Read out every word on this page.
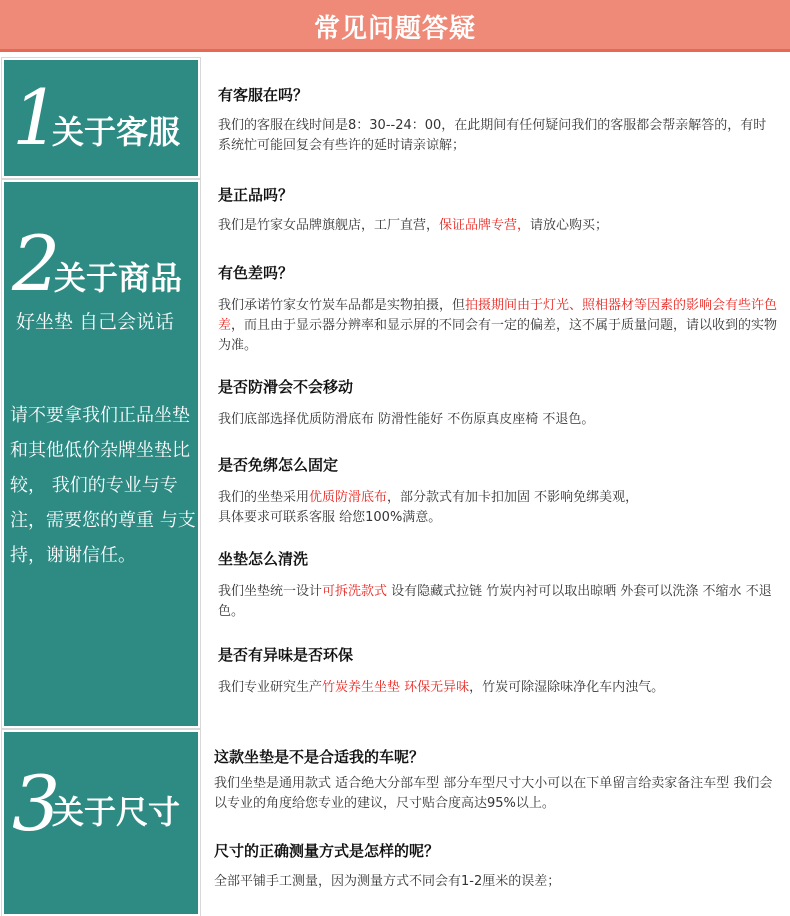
常见问题答疑
1
关于客服
2
关于商品
好坐垫 自己会说话
请不要拿我们正品坐垫和其他低价杂牌坐垫比较， 我们的专业与专注，需要您的尊重 与支持，谢谢信任。
3
关于尺寸
有客服在吗？
我们的客服在线时间是8：30--24：00，在此期间有任何疑问我们的客服都会帮亲解答的，有时系统忙可能回复会有些许的延时请亲谅解；
是正品吗？
我们是竹家女品牌旗舰店，工厂直营，保证品牌专营，请放心购买；
有色差吗？
我们承诺竹家女竹炭车品都是实物拍摄，但拍摄期间由于灯光、照相器材等因素的影响会有些许色差，而且由于显示器分辨率和显示屏的不同会有一定的偏差，这不属于质量问题，请以收到的实物为准。
是否防滑会不会移动
我们底部选择优质防滑底布 防滑性能好 不伤原真皮座椅 不退色。
是否免绑怎么固定
我们的坐垫采用优质防滑底布，部分款式有加卡扣加固 不影响免绑美观，
具体要求可联系客服 给您100%满意。
坐垫怎么清洗
我们坐垫统一设计可拆洗款式 设有隐藏式拉链 竹炭内衬可以取出晾晒 外套可以洗涤 不缩水 不退色。
是否有异味是否环保
我们专业研究生产竹炭养生坐垫 环保无异味，竹炭可除湿除味净化车内浊气。
这款坐垫是不是合适我的车呢？
我们坐垫是通用款式 适合绝大分部车型 部分车型尺寸大小可以在下单留言给卖家备注车型 我们会以专业的角度给您专业的建议，尺寸贴合度高达95%以上。
尺寸的正确测量方式是怎样的呢？
全部平铺手工测量，因为测量方式不同会有1-2厘米的误差；
